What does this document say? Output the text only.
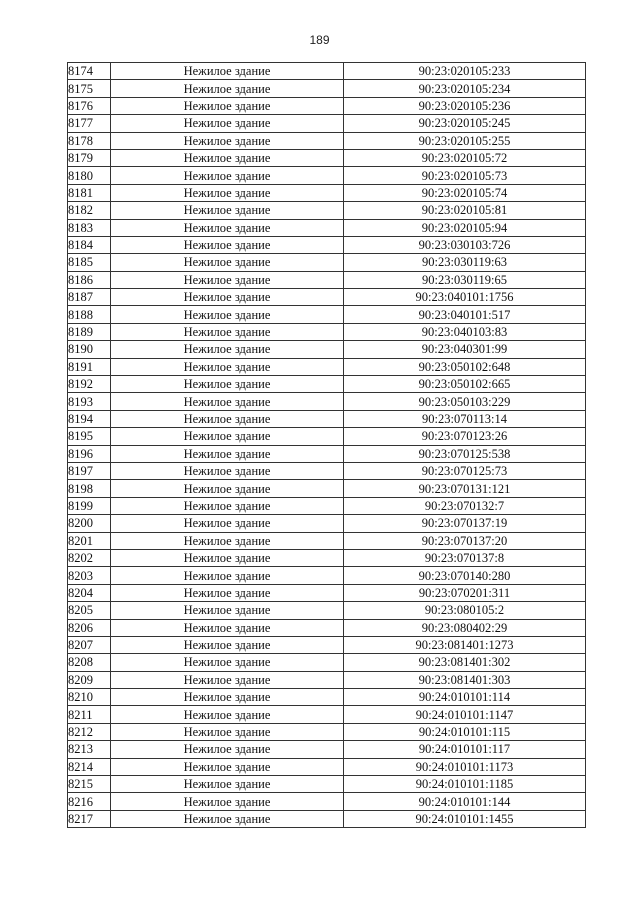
189
8174	Нежилое здание	90:23:020105:233
8175	Нежилое здание	90:23:020105:234
8176	Нежилое здание	90:23:020105:236
8177	Нежилое здание	90:23:020105:245
8178	Нежилое здание	90:23:020105:255
8179	Нежилое здание	90:23:020105:72
8180	Нежилое здание	90:23:020105:73
8181	Нежилое здание	90:23:020105:74
8182	Нежилое здание	90:23:020105:81
8183	Нежилое здание	90:23:020105:94
8184	Нежилое здание	90:23:030103:726
8185	Нежилое здание	90:23:030119:63
8186	Нежилое здание	90:23:030119:65
8187	Нежилое здание	90:23:040101:1756
8188	Нежилое здание	90:23:040101:517
8189	Нежилое здание	90:23:040103:83
8190	Нежилое здание	90:23:040301:99
8191	Нежилое здание	90:23:050102:648
8192	Нежилое здание	90:23:050102:665
8193	Нежилое здание	90:23:050103:229
8194	Нежилое здание	90:23:070113:14
8195	Нежилое здание	90:23:070123:26
8196	Нежилое здание	90:23:070125:538
8197	Нежилое здание	90:23:070125:73
8198	Нежилое здание	90:23:070131:121
8199	Нежилое здание	90:23:070132:7
8200	Нежилое здание	90:23:070137:19
8201	Нежилое здание	90:23:070137:20
8202	Нежилое здание	90:23:070137:8
8203	Нежилое здание	90:23:070140:280
8204	Нежилое здание	90:23:070201:311
8205	Нежилое здание	90:23:080105:2
8206	Нежилое здание	90:23:080402:29
8207	Нежилое здание	90:23:081401:1273
8208	Нежилое здание	90:23:081401:302
8209	Нежилое здание	90:23:081401:303
8210	Нежилое здание	90:24:010101:114
8211	Нежилое здание	90:24:010101:1147
8212	Нежилое здание	90:24:010101:115
8213	Нежилое здание	90:24:010101:117
8214	Нежилое здание	90:24:010101:1173
8215	Нежилое здание	90:24:010101:1185
8216	Нежилое здание	90:24:010101:144
8217	Нежилое здание	90:24:010101:1455
